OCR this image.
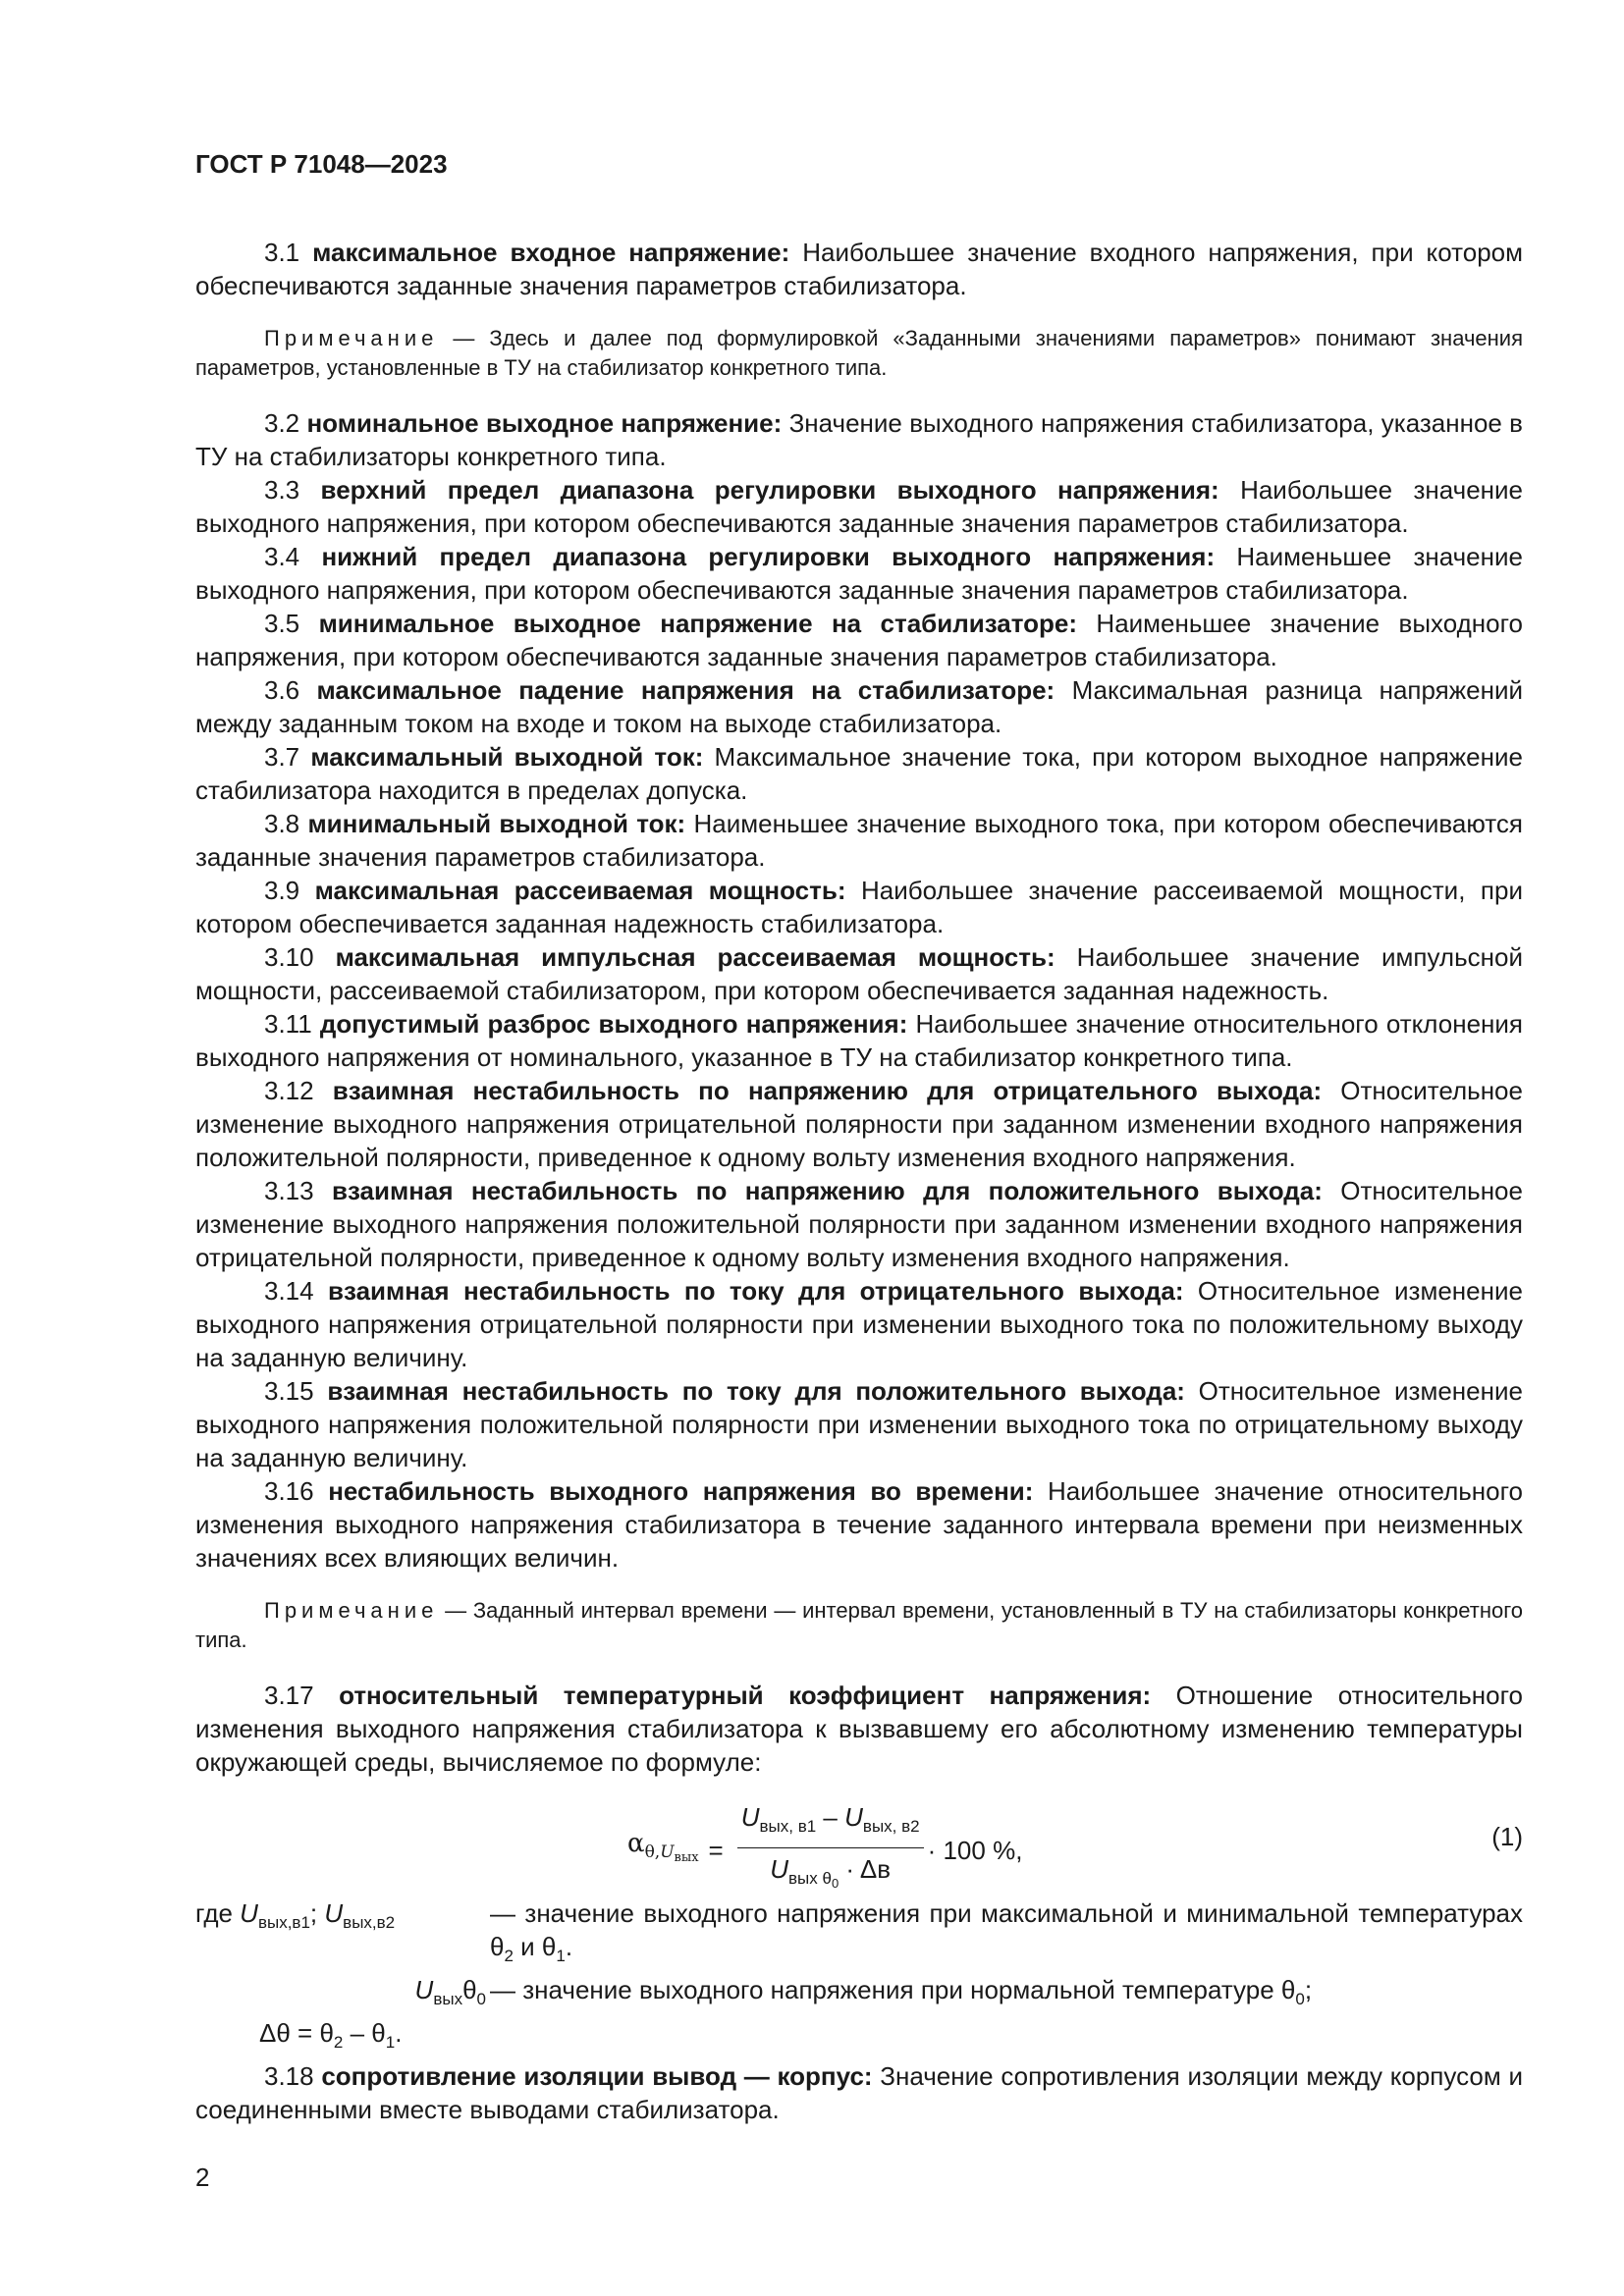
ГОСТ Р 71048—2023

3.1 максимальное входное напряжение: Наибольшее значение входного напряжения, при котором обеспечиваются заданные значения параметров стабилизатора.

Примечание — Здесь и далее под формулировкой «Заданными значениями параметров» понимают значения параметров, установленные в ТУ на стабилизатор конкретного типа.

3.2 номинальное выходное напряжение: Значение выходного напряжения стабилизатора, указанное в ТУ на стабилизаторы конкретного типа.

3.3 верхний предел диапазона регулировки выходного напряжения: Наибольшее значение выходного напряжения, при котором обеспечиваются заданные значения параметров стабилизатора.

3.4 нижний предел диапазона регулировки выходного напряжения: Наименьшее значение выходного напряжения, при котором обеспечиваются заданные значения параметров стабилизатора.

3.5 минимальное выходное напряжение на стабилизаторе: Наименьшее значение выходного напряжения, при котором обеспечиваются заданные значения параметров стабилизатора.

3.6 максимальное падение напряжения на стабилизаторе: Максимальная разница напряжений между заданным током на входе и током на выходе стабилизатора.

3.7 максимальный выходной ток: Максимальное значение тока, при котором выходное напряжение стабилизатора находится в пределах допуска.

3.8 минимальный выходной ток: Наименьшее значение выходного тока, при котором обеспечиваются заданные значения параметров стабилизатора.

3.9 максимальная рассеиваемая мощность: Наибольшее значение рассеиваемой мощности, при котором обеспечивается заданная надежность стабилизатора.

3.10 максимальная импульсная рассеиваемая мощность: Наибольшее значение импульсной мощности, рассеиваемой стабилизатором, при котором обеспечивается заданная надежность.

3.11 допустимый разброс выходного напряжения: Наибольшее значение относительного отклонения выходного напряжения от номинального, указанное в ТУ на стабилизатор конкретного типа.

3.12 взаимная нестабильность по напряжению для отрицательного выхода: Относительное изменение выходного напряжения отрицательной полярности при заданном изменении входного напряжения положительной полярности, приведенное к одному вольту изменения входного напряжения.

3.13 взаимная нестабильность по напряжению для положительного выхода: Относительное изменение выходного напряжения положительной полярности при заданном изменении входного напряжения отрицательной полярности, приведенное к одному вольту изменения входного напряжения.

3.14 взаимная нестабильность по току для отрицательного выхода: Относительное изменение выходного напряжения отрицательной полярности при изменении выходного тока по положительному выходу на заданную величину.

3.15 взаимная нестабильность по току для положительного выхода: Относительное изменение выходного напряжения положительной полярности при изменении выходного тока по отрицательному выходу на заданную величину.

3.16 нестабильность выходного напряжения во времени: Наибольшее значение относительного изменения выходного напряжения стабилизатора в течение заданного интервала времени при неизменных значениях всех влияющих величин.

Примечание — Заданный интервал времени — интервал времени, установленный в ТУ на стабилизаторы конкретного типа.

3.17 относительный температурный коэффициент напряжения: Отношение относительного изменения выходного напряжения стабилизатора к вызвавшему его абсолютному изменению температуры окружающей среды, вычисляемое по формуле:

$\alpha_{\theta,U_{вых}} = \frac{U_{вых, в1} - U_{вых, в2}}{U_{вых \theta_0} \cdot \Delta в} \cdot 100$ %,	(1)
где $U_{вых,в1}$; $U_{вых,в2}$	— значение выходного напряжения при максимальной и минимальной температурах $\theta_2$ и $\theta_1$.
$U_{вых}\theta_0$ — значение выходного напряжения при нормальной температуре $\theta_0$;
$\Delta\theta = \theta_2 - \theta_1$.

3.18 сопротивление изоляции вывод — корпус: Значение сопротивления изоляции между корпусом и соединенными вместе выводами стабилизатора.

2
